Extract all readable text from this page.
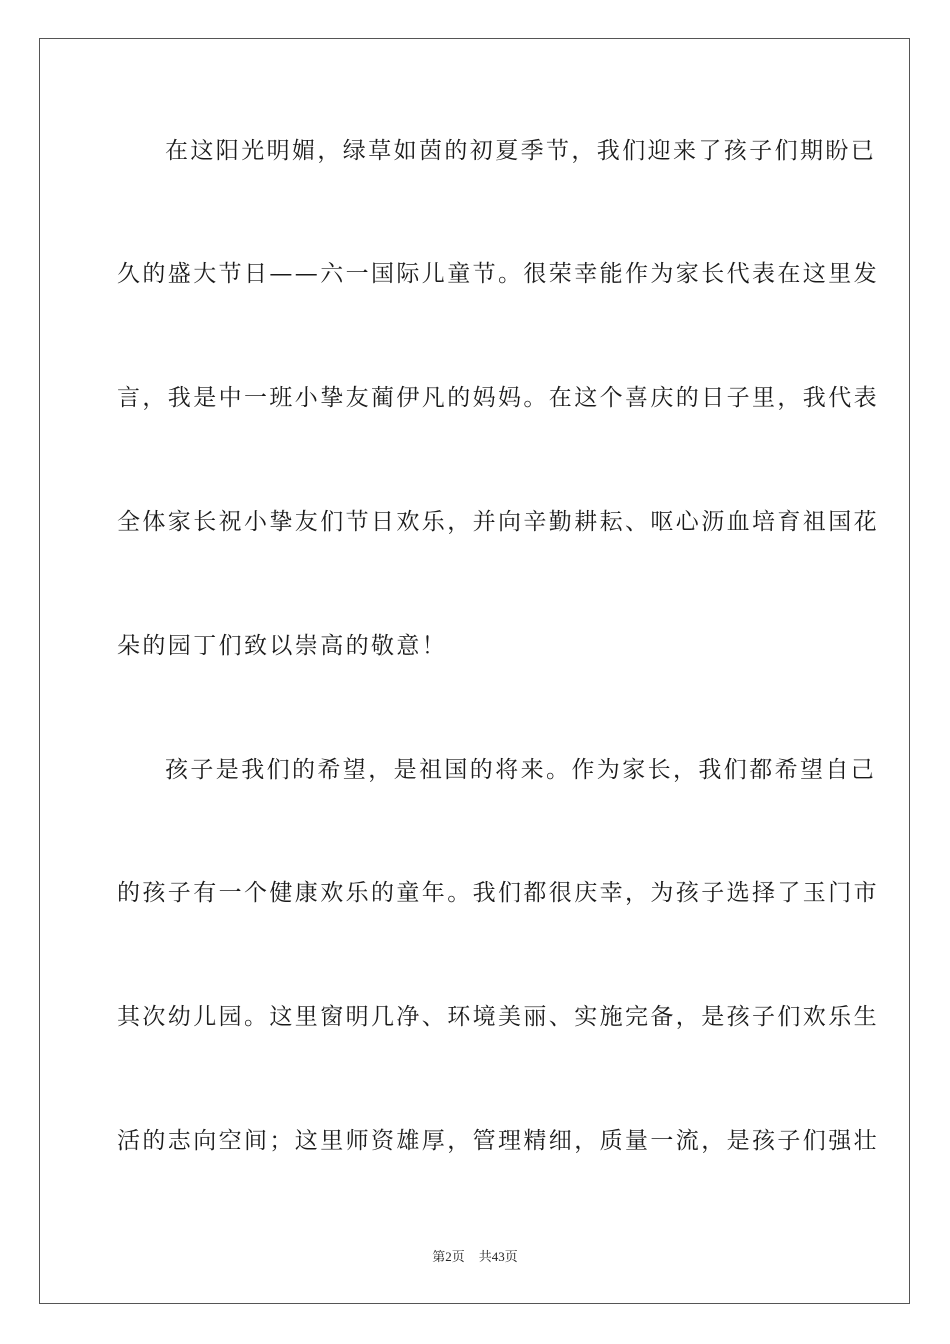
在这阳光明媚，绿草如茵的初夏季节，我们迎来了孩子们期盼已
久的盛大节日——六一国际儿童节。很荣幸能作为家长代表在这里发
言，我是中一班小挚友蔺伊凡的妈妈。在这个喜庆的日子里，我代表
全体家长祝小挚友们节日欢乐，并向辛勤耕耘、呕心沥血培育祖国花
朵的园丁们致以崇高的敬意！
孩子是我们的希望，是祖国的将来。作为家长，我们都希望自己
的孩子有一个健康欢乐的童年。我们都很庆幸，为孩子选择了玉门市
其次幼儿园。这里窗明几净、环境美丽、实施完备，是孩子们欢乐生
活的志向空间；这里师资雄厚，管理精细，质量一流，是孩子们强壮
第2页 共43页
